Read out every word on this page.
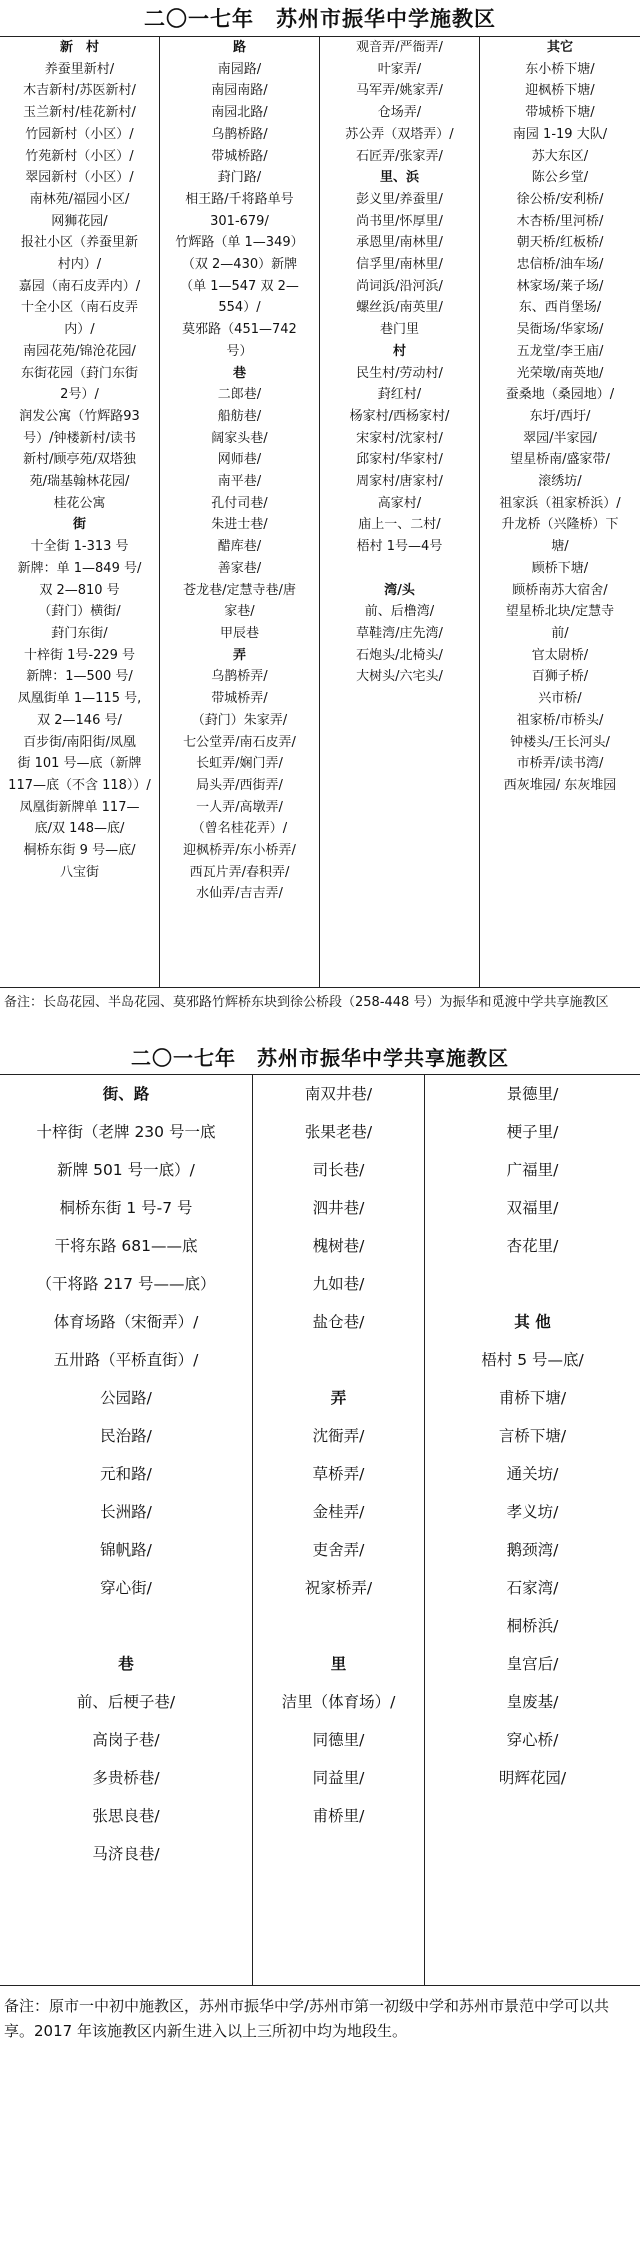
二〇一七年　苏州市振华中学施教区
新　村
养蚕里新村/
木吉新村/苏医新村/
玉兰新村/桂花新村/
竹园新村（小区）/
竹苑新村（小区）/
翠园新村（小区）/
南林苑/福园小区/
网狮花园/
报社小区（养蚕里新
村内）/
嘉园（南石皮弄内）/
十全小区（南石皮弄
内）/
南园花苑/锦沧花园/
东街花园（葑门东街
2号）/
润发公寓（竹辉路93
号）/钟楼新村/读书
新村/顾亭苑/双塔独
苑/瑞基翰林花园/
桂花公寓
街
十全街 1-313 号
新牌：单 1—849 号/
双 2—810 号
（葑门）横街/
葑门东街/
十梓街 1号-229 号
新牌：1—500 号/
凤凰街单 1—115 号,
双 2—146 号/
百步街/南阳街/凤凰
街 101 号—底（新牌
117—底（不含 118））/
凤凰街新牌单 117—
底/双 148—底/
桐桥东街 9 号—底/
八宝街
路
南园路/
南园南路/
南园北路/
乌鹊桥路/
带城桥路/
葑门路/
相王路/千将路单号
301-679/
竹辉路（单 1—349）
（双 2—430）新牌
（单 1—547 双 2—
554）/
莫邪路（451—742
号）
巷
二郎巷/
船舫巷/
阔家头巷/
网师巷/
南平巷/
孔付司巷/
朱进士巷/
醋库巷/
善家巷/
苍龙巷/定慧寺巷/唐
家巷/
甲辰巷
弄
乌鹊桥弄/
带城桥弄/
（葑门）朱家弄/
七公堂弄/南石皮弄/
长虹弄/娴门弄/
局头弄/西街弄/
一人弄/高墩弄/
（曾名桂花弄）/
迎枫桥弄/东小桥弄/
西瓦片弄/春积弄/
水仙弄/吉吉弄/
观音弄/严衙弄/
叶家弄/
马军弄/姚家弄/
仓场弄/
苏公弄（双塔弄）/
石匠弄/张家弄/
里、浜
彭义里/养蚕里/
尚书里/怀厚里/
承恩里/南林里/
信孚里/南林里/
尚词浜/沿河浜/
螺丝浜/南英里/
巷门里
村
民生村/劳动村/
葑红村/
杨家村/西杨家村/
宋家村/沈家村/
邱家村/华家村/
周家村/唐家村/
高家村/
庙上一、二村/
梧村 1号—4号

湾/头
前、后橹湾/
草鞋湾/庄先湾/
石炮头/北椅头/
大树头/六宅头/
其它
东小桥下塘/
迎枫桥下塘/
带城桥下塘/
南园 1-19 大队/
苏大东区/
陈公乡堂/
徐公桥/安利桥/
木杏桥/里河桥/
朝天桥/红板桥/
忠信桥/油车场/
林家场/莱子场/
东、西肖堡场/
吴衙场/华家场/
五龙堂/李王庙/
光荣墩/南英地/
蚕桑地（桑园地）/
东圩/西圩/
翠园/半家园/
望星桥南/盛家带/
滚绣坊/
祖家浜（祖家桥浜）/
升龙桥（兴隆桥）下
塘/
顾桥下塘/
顾桥南苏大宿舍/
望星桥北块/定慧寺
前/
官太尉桥/
百狮子桥/
兴市桥/
祖家桥/市桥头/
钟楼头/王长河头/
市桥弄/读书湾/
西灰堆园/ 东灰堆园
备注：长岛花园、半岛花园、莫邪路竹辉桥东块到徐公桥段（258-448 号）为振华和觅渡中学共享施教区
二〇一七年　苏州市振华中学共享施教区
街、路
十梓街（老牌 230 号一底
新牌 501 号一底）/
桐桥东街 1 号-7 号
干将东路 681——底
（干将路 217 号——底）
体育场路（宋衙弄）/
五卅路（平桥直街）/
公园路/
民治路/
元和路/
长洲路/
锦帆路/
穿心街/

巷
前、后梗子巷/
高岗子巷/
多贵桥巷/
张思良巷/
马济良巷/
南双井巷/
张果老巷/
司长巷/
泗井巷/
槐树巷/
九如巷/
盐仓巷/

弄
沈衙弄/
草桥弄/
金桂弄/
吏舍弄/
祝家桥弄/

里
洁里（体育场）/
同德里/
同益里/
甫桥里/
景德里/
梗子里/
广福里/
双福里/
杏花里/

其 他
梧村 5 号—底/
甫桥下塘/
言桥下塘/
通关坊/
孝义坊/
鹅颈湾/
石家湾/
桐桥浜/
皇宫后/
皇废基/
穿心桥/
明辉花园/
备注：原市一中初中施教区，苏州市振华中学/苏州市第一初级中学和苏州市景范中学可以共享。2017 年该施教区内新生进入以上三所初中均为地段生。
